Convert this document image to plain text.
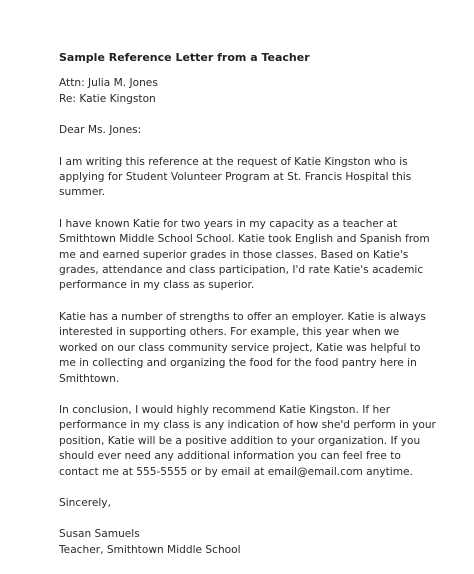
Sample Reference Letter from a Teacher
Attn: Julia M. Jones
Re: Katie Kingston
Dear Ms. Jones:
I am writing this reference at the request of Katie Kingston who is
applying for Student Volunteer Program at St. Francis Hospital this
summer.
I have known Katie for two years in my capacity as a teacher at
Smithtown Middle School School. Katie took English and Spanish from
me and earned superior grades in those classes. Based on Katie's
grades, attendance and class participation, I'd rate Katie's academic
performance in my class as superior.
Katie has a number of strengths to offer an employer. Katie is always
interested in supporting others. For example, this year when we
worked on our class community service project, Katie was helpful to
me in collecting and organizing the food for the food pantry here in
Smithtown.
In conclusion, I would highly recommend Katie Kingston. If her
performance in my class is any indication of how she'd perform in your
position, Katie will be a positive addition to your organization. If you
should ever need any additional information you can feel free to
contact me at 555-5555 or by email at email@email.com anytime.
Sincerely,
Susan Samuels
Teacher, Smithtown Middle School
